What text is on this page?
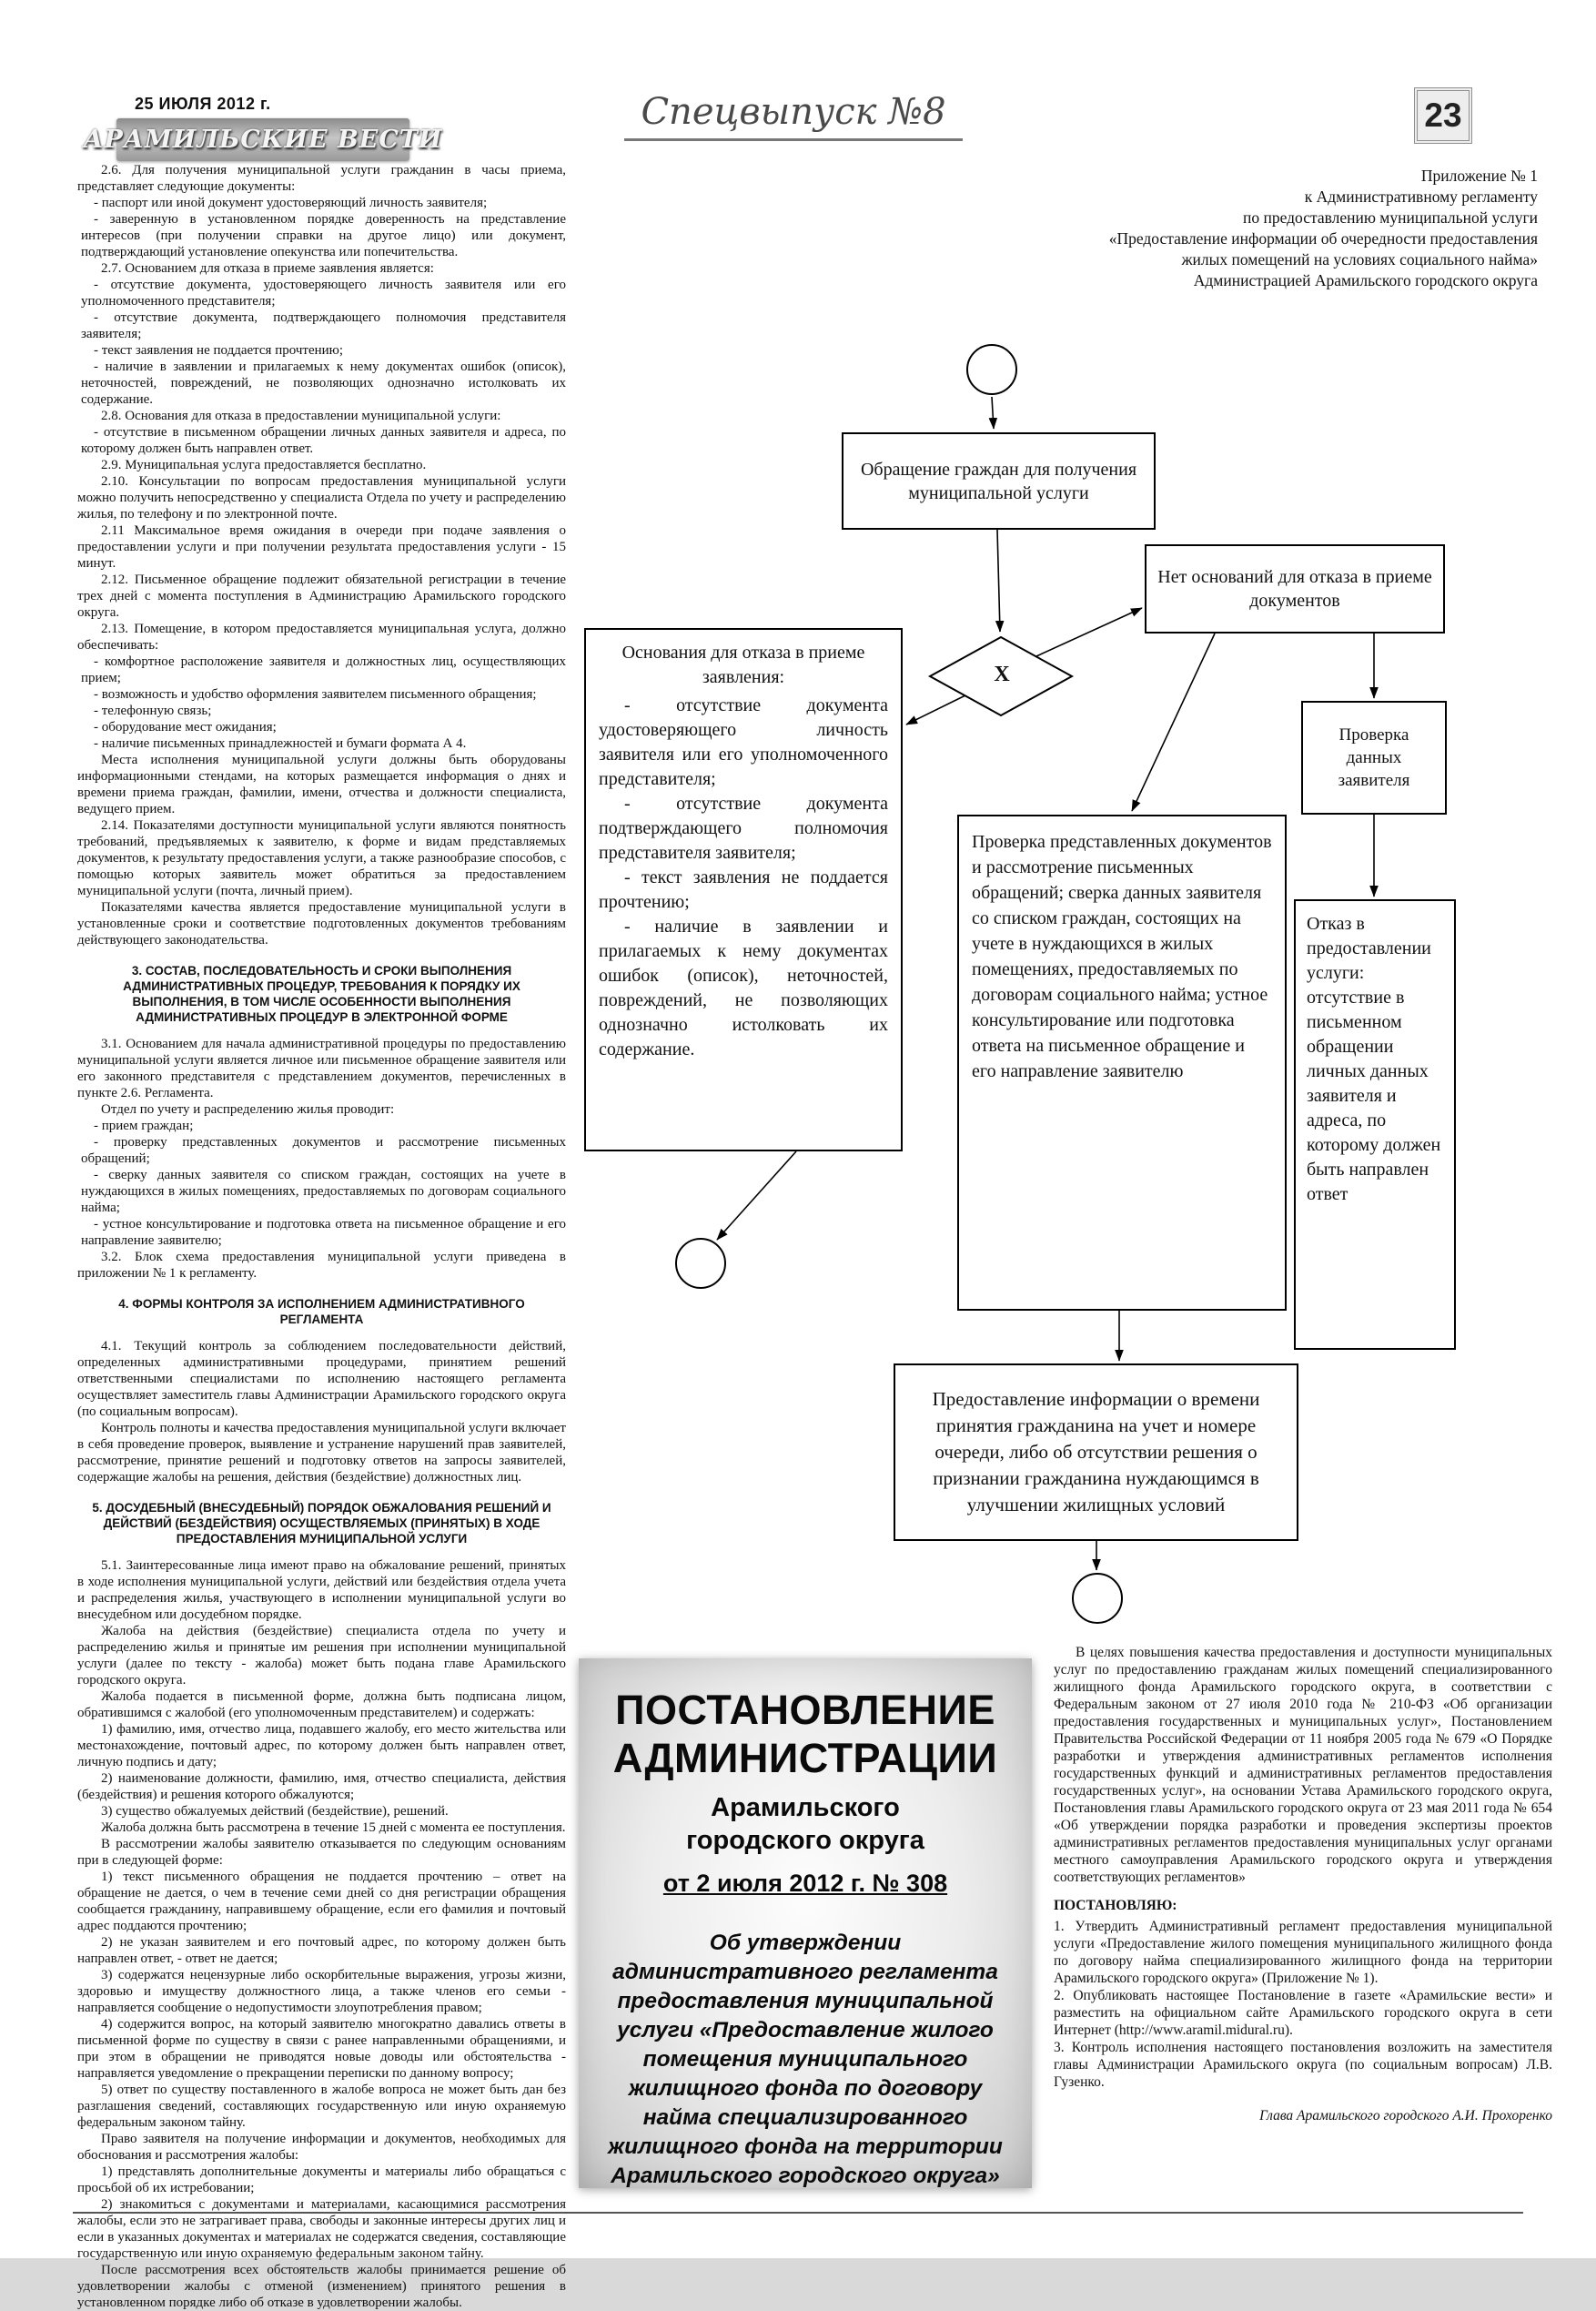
25 ИЮЛЯ 2012 г.
АРАМИЛЬСКИЕ ВЕСТИ
Спецвыпуск №8	23
Приложение № 1
к Административному регламенту
по предоставлению муниципальной услуги
«Предоставление информации об очередности предоставления
жилых помещений на условиях социального найма»
Администрацией Арамильского городского округа
2.6. Для получения муниципальной услуги гражданин в часы приема, представляет следующие документы:
- паспорт или иной документ удостоверяющий личность заявителя;
- заверенную в установленном порядке доверенность на представление интересов (при получении справки на другое лицо) или документ, подтверждающий установление опекунства или попечительства.
2.7. Основанием для отказа в приеме заявления является:
- отсутствие документа, удостоверяющего личность заявителя или его уполномоченного представителя;
- отсутствие документа, подтверждающего полномочия представителя заявителя;
- текст заявления не поддается прочтению;
- наличие в заявлении и прилагаемых к нему документах ошибок (описок), неточностей, повреждений, не позволяющих однозначно истолковать их содержание.
2.8. Основания для отказа в предоставлении муниципальной услуги:
- отсутствие в письменном обращении личных данных заявителя и адреса, по которому должен быть направлен ответ.
2.9. Муниципальная услуга предоставляется бесплатно.
2.10. Консультации по вопросам предоставления муниципальной услуги можно получить непосредственно у специалиста Отдела по учету и распределению жилья, по телефону и по электронной почте.
2.11 Максимальное время ожидания в очереди при подаче заявления о предоставлении услуги и при получении результата предоставления услуги - 15 минут.
2.12. Письменное обращение подлежит обязательной регистрации в течение трех дней с момента поступления в Администрацию Арамильского городского округа.
2.13. Помещение, в котором предоставляется муниципальная услуга, должно обеспечивать:
- комфортное расположение заявителя и должностных лиц, осуществляющих прием;
- возможность и удобство оформления заявителем письменного обращения;
- телефонную связь;
- оборудование мест ожидания;
- наличие письменных принадлежностей и бумаги формата А 4.
Места исполнения муниципальной услуги должны быть оборудованы информационными стендами, на которых размещается информация о днях и времени приема граждан, фамилии, имени, отчества и должности специалиста, ведущего прием.
2.14. Показателями доступности муниципальной услуги являются понятность требований, предъявляемых к заявителю, к форме и видам представляемых документов, к результату предоставления услуги, а также разнообразие способов, с помощью которых заявитель может обратиться за предоставлением муниципальной услуги (почта, личный прием).
Показателями качества является предоставление муниципальной услуги в установленные сроки и соответствие подготовленных документов требованиям действующего законодательства.
3. СОСТАВ, ПОСЛЕДОВАТЕЛЬНОСТЬ И СРОКИ ВЫПОЛНЕНИЯ АДМИНИСТРАТИВНЫХ ПРОЦЕДУР, ТРЕБОВАНИЯ К ПОРЯДКУ ИХ ВЫПОЛНЕНИЯ, В ТОМ ЧИСЛЕ ОСОБЕННОСТИ ВЫПОЛНЕНИЯ АДМИНИСТРАТИВНЫХ ПРОЦЕДУР В ЭЛЕКТРОННОЙ ФОРМЕ
3.1. Основанием для начала административной процедуры по предоставлению муниципальной услуги является личное или письменное обращение заявителя или его законного представителя с представлением документов, перечисленных в пункте 2.6. Регламента.
Отдел по учету и распределению жилья проводит:
- прием граждан;
- проверку представленных документов и рассмотрение письменных обращений;
- сверку данных заявителя со списком граждан, состоящих на учете в нуждающихся в жилых помещениях, предоставляемых по договорам социального найма;
- устное консультирование и подготовка ответа на письменное обращение и его направление заявителю;
3.2. Блок схема предоставления муниципальной услуги приведена в приложении № 1 к регламенту.
4. ФОРМЫ КОНТРОЛЯ ЗА ИСПОЛНЕНИЕМ АДМИНИСТРАТИВНОГО РЕГЛАМЕНТА
4.1. Текущий контроль за соблюдением последовательности действий, определенных административными процедурами, принятием решений ответственными специалистами по исполнению настоящего регламента осуществляет заместитель главы Администрации Арамильского городского округа (по социальным вопросам).
Контроль полноты и качества предоставления муниципальной услуги включает в себя проведение проверок, выявление и устранение нарушений прав заявителей, рассмотрение, принятие решений и подготовку ответов на запросы заявителей, содержащие жалобы на решения, действия (бездействие) должностных лиц.
5. ДОСУДЕБНЫЙ (ВНЕСУДЕБНЫЙ) ПОРЯДОК ОБЖАЛОВАНИЯ РЕШЕНИЙ И ДЕЙСТВИЙ (БЕЗДЕЙСТВИЯ) ОСУЩЕСТВЛЯЕМЫХ (ПРИНЯТЫХ) В ХОДЕ ПРЕДОСТАВЛЕНИЯ МУНИЦИПАЛЬНОЙ УСЛУГИ
5.1. Заинтересованные лица имеют право на обжалование решений, принятых в ходе исполнения муниципальной услуги, действий или бездействия отдела учета и распределения жилья, участвующего в исполнении муниципальной услуги во внесудебном или досудебном порядке.
Жалоба на действия (бездействие) специалиста отдела по учету и распределению жилья и принятые им решения при исполнении муниципальной услуги (далее по тексту - жалоба) может быть подана главе Арамильского городского округа.
Жалоба подается в письменной форме, должна быть подписана лицом, обратившимся с жалобой (его уполномоченным представителем) и содержать:
1) фамилию, имя, отчество лица, подавшего жалобу, его место жительства или местонахождение, почтовый адрес, по которому должен быть направлен ответ, личную подпись и дату;
2) наименование должности, фамилию, имя, отчество специалиста, действия (бездействия) и решения которого обжалуются;
3) существо обжалуемых действий (бездействие), решений.
Жалоба должна быть рассмотрена в течение 15 дней с момента ее поступления.
В рассмотрении жалобы заявителю отказывается по следующим основаниям при в следующей форме:
1) текст письменного обращения не поддается прочтению – ответ на обращение не дается, о чем в течение семи дней со дня регистрации обращения сообщается гражданину, направившему обращение, если его фамилия и почтовый адрес поддаются прочтению;
2) не указан заявителем и его почтовый адрес, по которому должен быть направлен ответ, - ответ не дается;
3) содержатся нецензурные либо оскорбительные выражения, угрозы жизни, здоровью и имуществу должностного лица, а также членов его семьи - направляется сообщение о недопустимости злоупотребления правом;
4) содержится вопрос, на который заявителю многократно давались ответы в письменной форме по существу в связи с ранее направленными обращениями, и при этом в обращении не приводятся новые доводы или обстоятельства - направляется уведомление о прекращении переписки по данному вопросу;
5) ответ по существу поставленного в жалобе вопроса не может быть дан без разглашения сведений, составляющих государственную или иную охраняемую федеральным законом тайну.
Право заявителя на получение информации и документов, необходимых для обоснования и рассмотрения жалобы:
1) представлять дополнительные документы и материалы либо обращаться с просьбой об их истребовании;
2) знакомиться с документами и материалами, касающимися рассмотрения жалобы, если это не затрагивает права, свободы и законные интересы других лиц и если в указанных документах и материалах не содержатся сведения, составляющие государственную или иную охраняемую федеральным законом тайну.
После рассмотрения всех обстоятельств жалобы принимается решение об удовлетворении жалобы с отменой (изменением) принятого решения в установленном порядке либо об отказе в удовлетворении жалобы.
Обращение граждан для получения муниципальной услуги
X
Нет оснований для отказа в приеме документов
Проверка данных заявителя
Основания для отказа в приеме заявления:
- отсутствие документа удостоверяющего личность заявителя или его уполномоченного представителя;
- отсутствие документа подтверждающего полномочия представителя заявителя;
- текст заявления не поддается прочтению;
- наличие в заявлении и прилагаемых к нему документах ошибок (описок), неточностей, повреждений, не позволяющих однозначно истолковать их содержание.
Проверка представленных документов и рассмотрение письменных обращений; сверка данных заявителя со списком граждан, состоящих на учете в нуждающихся в жилых помещениях, предоставляемых по договорам социального найма; устное консультирование или подготовка ответа на письменное обращение и его направление заявителю
Отказ в предоставлении услуги: отсутствие в письменном обращении личных данных заявителя и адреса, по которому должен быть направлен ответ
Предоставление информации о времени принятия гражданина на учет и номере очереди, либо об отсутствии решения о признании гражданина нуждающимся в улучшении жилищных условий
ПОСТАНОВЛЕНИЕ
АДМИНИСТРАЦИИ
Арамильского городского округа
от 2 июля 2012 г. № 308
Об утверждении административного регламента предоставления муниципальной услуги «Предоставление жилого помещения муниципального жилищного фонда по договору найма специализированного жилищного фонда на территории Арамильского городского округа»

В целях повышения качества предоставления и доступности муниципальных услуг по предоставлению гражданам жилых помещений специализированного жилищного фонда Арамильского городского округа, в соответствии с Федеральным законом от 27 июля 2010 года № 210-ФЗ «Об организации предоставления государственных и муниципальных услуг», Постановлением Правительства Российской Федерации от 11 ноября 2005 года № 679 «О Порядке разработки и утверждения административных регламентов исполнения государственных функций и административных регламентов предоставления государственных услуг», на основании Устава Арамильского городского округа, Постановления главы Арамильского городского округа от 23 мая 2011 года № 654 «Об утверждении порядка разработки и проведения экспертизы проектов административных регламентов предоставления муниципальных услуг органами местного самоуправления Арамильского городского округа и утверждения соответствующих регламентов»

ПОСТАНОВЛЯЮ:

1. Утвердить Административный регламент предоставления муниципальной услуги «Предоставление жилого помещения муниципального жилищного фонда по договору найма специализированного жилищного фонда на территории Арамильского городского округа» (Приложение № 1).
2. Опубликовать настоящее Постановление в газете «Арамильские вести» и разместить на официальном сайте Арамильского городского округа в сети Интернет (http://www.aramil.midural.ru).
3. Контроль исполнения настоящего постановления возложить на заместителя главы Администрации Арамильского округа (по социальным вопросам) Л.В. Гузенко.

Глава Арамильского городского А.И. Прохоренко
